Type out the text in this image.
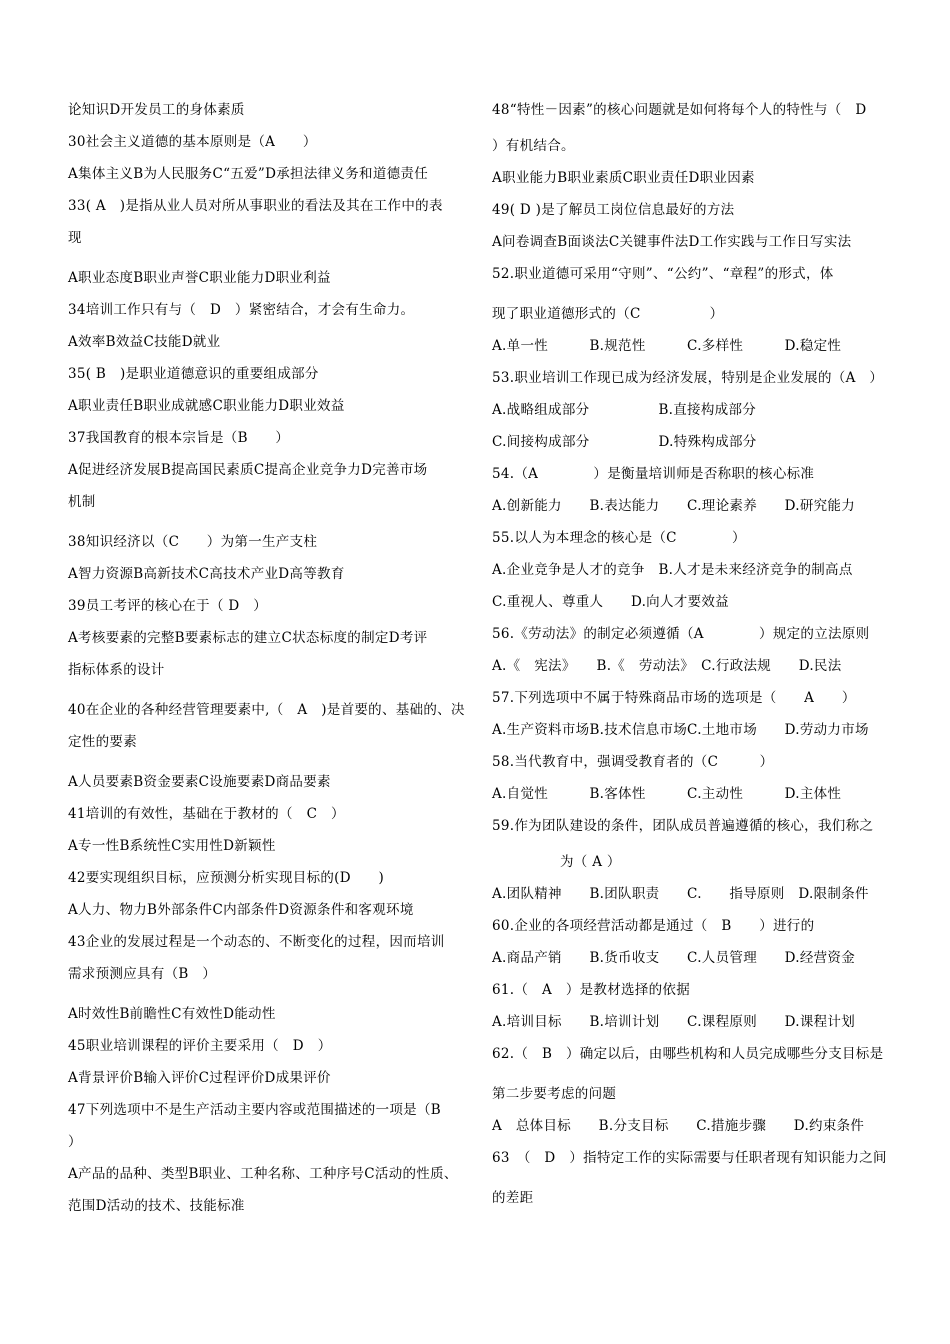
论知识D开发员工的身体素质
30社会主义道德的基本原则是（A　　）
A集体主义B为人民服务C“五爱”D承担法律义务和道德责任
33( A　)是指从业人员对所从事职业的看法及其在工作中的表
现
A职业态度B职业声誉C职业能力D职业利益
34培训工作只有与（　D　）紧密结合，才会有生命力。
A效率B效益C技能D就业
35( B　)是职业道德意识的重要组成部分
A职业责任B职业成就感C职业能力D职业效益
37我国教育的根本宗旨是（B　　）
A促进经济发展B提高国民素质C提高企业竞争力D完善市场
机制
38知识经济以（C　　）为第一生产支柱
A智力资源B高新技术C高技术产业D高等教育
39员工考评的核心在于（ D　）
A考核要素的完整B要素标志的建立C状态标度的制定D考评
指标体系的设计
40在企业的各种经营管理要素中,（　A　)是首要的、基础的、决
定性的要素
A人员要素B资金要素C设施要素D商品要素
41培训的有效性，基础在于教材的（　C　）
A专一性B系统性C实用性D新颖性
42要实现组织目标，应预测分析实现目标的(D　　)
A人力、物力B外部条件C内部条件D资源条件和客观环境
43企业的发展过程是一个动态的、不断变化的过程，因而培训
需求预测应具有（B　）
A时效性B前瞻性C有效性D能动性
45职业培训课程的评价主要采用（　D　）
A背景评价B输入评价C过程评价D成果评价
47下列选项中不是生产活动主要内容或范围描述的一项是（B
）
A产品的品种、类型B职业、工种名称、工种序号C活动的性质、
范围D活动的技术、技能标准
48“特性－因素”的核心问题就是如何将每个人的特性与（　D
）有机结合。
A职业能力B职业素质C职业责任D职业因素
49( D )是了解员工岗位信息最好的方法
A问卷调查B面谈法C关键事件法D工作实践与工作日写实法
52.职业道德可采用“守则”、“公约”、“章程”的形式，体
现了职业道德形式的（C　　　　　）
A.单一性　　　B.规范性　　　C.多样性　　　D.稳定性
53.职业培训工作现已成为经济发展，特别是企业发展的（A　）
A.战略组成部分　　　　　B.直接构成部分
C.间接构成部分　　　　　D.特殊构成部分
54.（A　　　　）是衡量培训师是否称职的核心标准
A.创新能力　　B.表达能力　　C.理论素养　　D.研究能力
55.以人为本理念的核心是（C　　　　）
A.企业竞争是人才的竞争　B.人才是未来经济竞争的制高点
C.重视人、尊重人　　D.向人才要效益
56.《劳动法》的制定必须遵循（A　　　　）规定的立法原则
A.《　宪法》　　B.《　劳动法》　C.行政法规　　D.民法
57.下列选项中不属于特殊商品市场的选项是（　　A　　）
A.生产资料市场B.技术信息市场C.土地市场　　D.劳动力市场
58.当代教育中，强调受教育者的（C　　　）
A.自觉性　　　B.客体性　　　C.主动性　　　D.主体性
59.作为团队建设的条件，团队成员普遍遵循的核心，我们称之
为（ A ）
A.团队精神　　B.团队职责　　C.　　指导原则　D.限制条件
60.企业的各项经营活动都是通过（　B　　）进行的
A.商品产销　　B.货币收支　　C.人员管理　　D.经营资金
61.（　A　）是教材选择的依据
A.培训目标　　B.培训计划　　C.课程原则　　D.课程计划
62.（　B　）确定以后，由哪些机构和人员完成哪些分支目标是
第二步要考虑的问题
A　总体目标　　B.分支目标　　C.措施步骤　　D.约束条件
63　（　D　）指特定工作的实际需要与任职者现有知识能力之间
的差距
